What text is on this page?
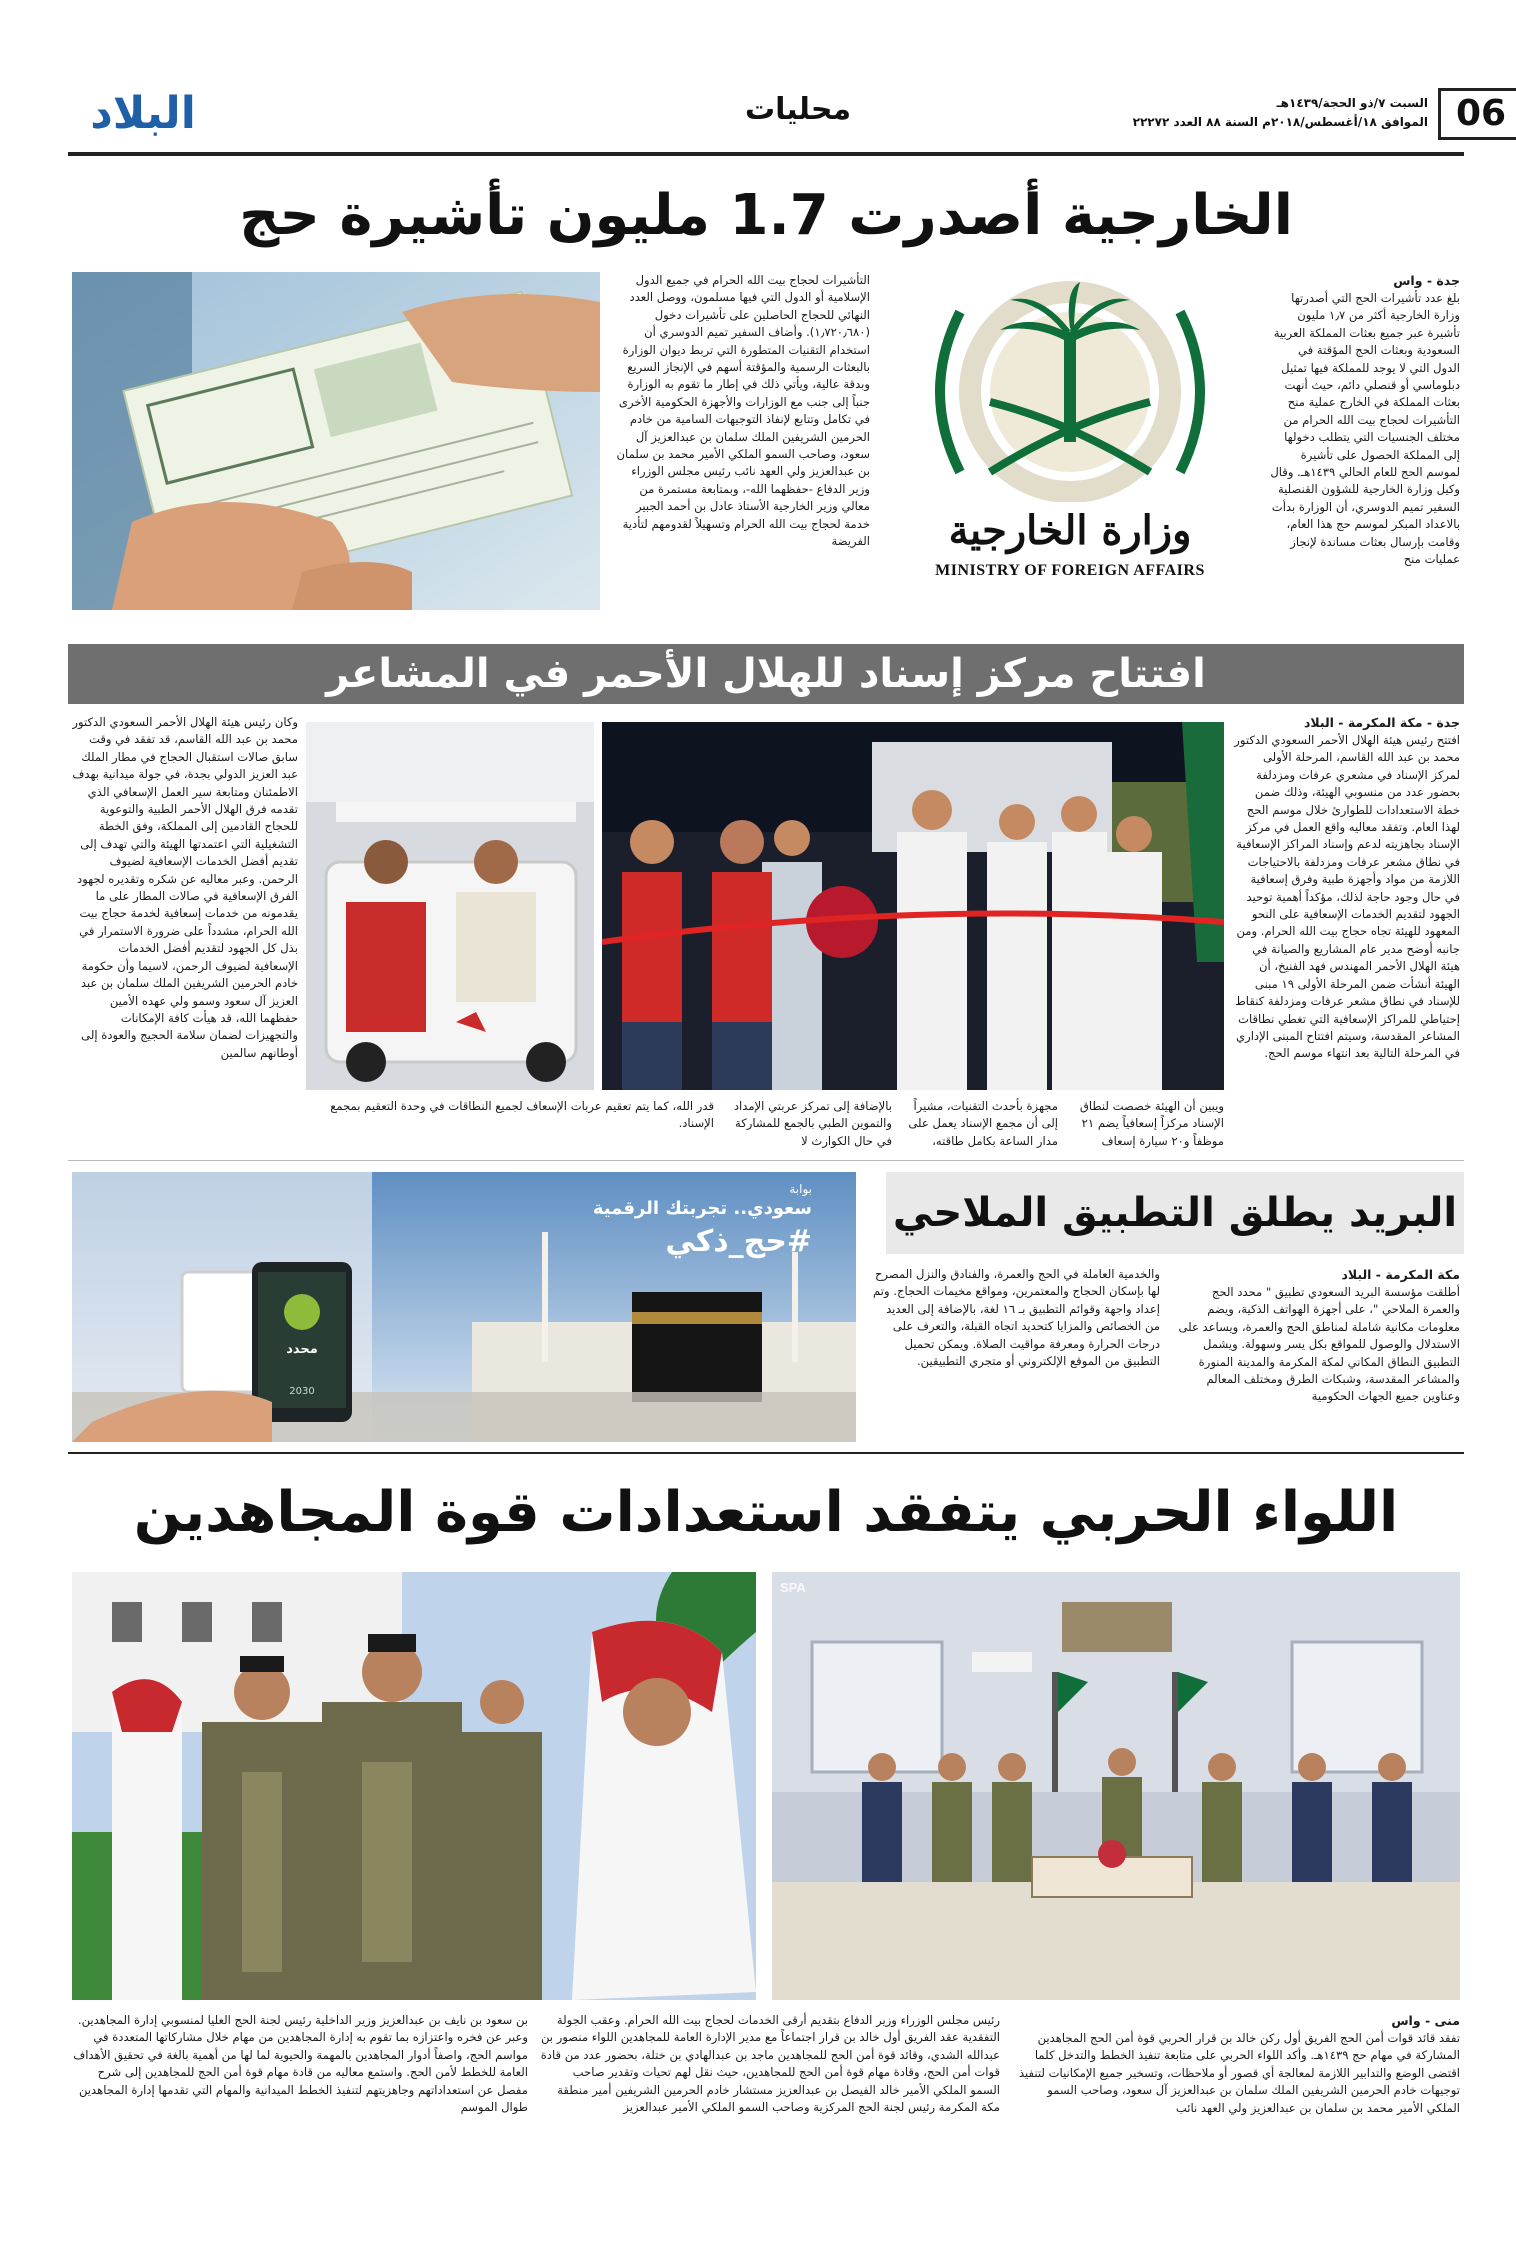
البلاد	محليات	السبت ٧/ذو الحجة/١٤٣٩هـ
الموافق ١٨/أغسطس/٢٠١٨م السنة ٨٨ العدد ٢٢٢٧٢ 06
الخارجية أصدرت 1.7 مليون تأشيرة حج
وزارة الخارجية
MINISTRY OF FOREIGN AFFAIRS
جدة - واس
بلغ عدد تأشيرات الحج التي أصدرتها وزارة الخارجية أكثر من ١٫٧ مليون تأشيرة عبر جميع بعثات المملكة العربية السعودية وبعثات الحج المؤقتة في الدول التي لا يوجد للمملكة فيها تمثيل دبلوماسي أو قنصلي دائم، حيث أنهت بعثات المملكة في الخارج عملية منح التأشيرات لحجاج بيت الله الحرام من مختلف الجنسيات التي يتطلب دخولها إلى المملكة الحصول على تأشيرة لموسم الحج للعام الحالي ١٤٣٩هـ. وقال وكيل وزارة الخارجية للشؤون القنصلية السفير تميم الدوسري، أن الوزارة بدأت بالاعداد المبكر لموسم حج هذا العام، وقامت بإرسال بعثات مساندة لإنجاز عمليات منح
التأشيرات لحجاج بيت الله الحرام في جميع الدول الإسلامية أو الدول التي فيها مسلمون، ووصل العدد النهائي للحجاج الحاصلين على تأشيرات دخول (١٫٧٢٠٫٦٨٠). وأضاف السفير تميم الدوسري أن استخدام التقنيات المتطورة التي تربط ديوان الوزارة بالبعثات الرسمية والمؤقتة أسهم في الإنجاز السريع وبدقة عالية، ويأتي ذلك في إطار ما تقوم به الوزارة جنباً إلى جنب مع الوزارات والأجهزة الحكومية الأخرى في تكامل وتتابع لإنفاذ التوجيهات السامية من خادم الحرمين الشريفين الملك سلمان بن عبدالعزيز آل سعود، وصاحب السمو الملكي الأمير محمد بن سلمان بن عبدالعزيز ولي العهد نائب رئيس مجلس الوزراء وزير الدفاع -حفظهما الله-، وبمتابعة مستمرة من معالي وزير الخارجية الأستاذ عادل بن أحمد الجبير خدمة لحجاج بيت الله الحرام وتسهيلاً لقدومهم لتأدية الفريضة
افتتاح مركز إسناد للهلال الأحمر في المشاعر
جدة - مكة المكرمة - البلاد
افتتح رئيس هيئة الهلال الأحمر السعودي الدكتور محمد بن عبد الله القاسم، المرحلة الأولى لمركز الإسناد في مشعري عرفات ومزدلفة بحضور عدد من منسوبي الهيئة، وذلك ضمن خطة الاستعدادات للطوارئ خلال موسم الحج لهذا العام. وتفقد معاليه واقع العمل في مركز الإسناد بجاهزيته لدعم وإسناد المراكز الإسعافية في نطاق مشعر عرفات ومزدلفة بالاحتياجات اللازمة من مواد وأجهزة طبية وفرق إسعافية في حال وجود حاجة لذلك، مؤكداً أهمية توحيد الجهود لتقديم الخدمات الإسعافية على النحو المعهود للهيئة تجاه حجاج بيت الله الحرام. ومن جانبه أوضح مدير عام المشاريع والصيانة في هيئة الهلال الأحمر المهندس فهد الفنيخ، أن الهيئة أنشأت ضمن المرحلة الأولى ١٩ مبنى للإسناد في نطاق مشعر عرفات ومزدلفة كنقاط إحتياطي للمراكز الإسعافية التي تغطي نطاقات المشاعر المقدسة، وسيتم افتتاح المبنى الإداري في المرحلة التالية بعد انتهاء موسم الحج.
وكان رئيس هيئة الهلال الأحمر السعودي الدكتور محمد بن عبد الله القاسم، قد تفقد في وقت سابق صالات استقبال الحجاج في مطار الملك عبد العزيز الدولي بجدة، في جولة ميدانية بهدف الاطمئنان ومتابعة سير العمل الإسعافي الذي تقدمه فرق الهلال الأحمر الطبية والتوعوية للحجاج القادمين إلى المملكة، وفق الخطة التشغيلية التي اعتمدتها الهيئة والتي تهدف إلى تقديم أفضل الخدمات الإسعافية لضيوف الرحمن. وعبر معاليه عن شكره وتقديره لجهود الفرق الإسعافية في صالات المطار على ما يقدمونه من خدمات إسعافية لخدمة حجاج بيت الله الحرام، مشدداً على ضرورة الاستمرار في بذل كل الجهود لتقديم أفضل الخدمات الإسعافية لضيوف الرحمن، لاسيما وأن حكومة خادم الحرمين الشريفين الملك سلمان بن عبد العزيز آل سعود وسمو ولي عهده الأمين حفظهما الله، قد هيأت كافة الإمكانات والتجهيزات لضمان سلامة الحجيج والعودة إلى أوطانهم سالمين
ويبين أن الهيئة خصصت لنطاق الإسناد مركزاً إسعافياً يضم ٢١ موظفاً و٢٠ سيارة إسعاف
مجهزة بأحدث التقنيات، مشيراً إلى أن مجمع الإسناد يعمل على مدار الساعة بكامل طاقته،
بالإضافة إلى تمركز عربتي الإمداد والتموين الطبي بالجمع للمشاركة في حال الكوارث لا
قدر الله، كما يتم تعقيم عربات الإسعاف لجميع النطاقات في وحدة التعقيم بمجمع الإسناد.
البريد يطلق التطبيق الملاحي
بوابة
سعودي.. تجربتك الرقمية
#حج_ذكي
محدد
2030
مكة المكرمة - البلاد
أطلقت مؤسسة البريد السعودي تطبيق " محدد الحج والعمرة الملاحي "، على أجهزة الهواتف الذكية، ويضم معلومات مكانية شاملة لمناطق الحج والعمرة، ويساعد على الاستدلال والوصول للمواقع بكل يسر وسهولة. ويشمل التطبيق النطاق المكاني لمكة المكرمة والمدينة المنورة والمشاعر المقدسة، وشبكات الطرق ومختلف المعالم وعناوين جميع الجهات الحكومية
والخدمية العاملة في الحج والعمرة، والفنادق والنزل المصرح لها بإسكان الحجاج والمعتمرين، ومواقع مخيمات الحجاج. وتم إعداد واجهة وقوائم التطبيق بـ ١٦ لغة، بالإضافة إلى العديد من الخصائص والمزايا كتحديد اتجاه القبلة، والتعرف على درجات الحرارة ومعرفة مواقيت الصلاة. ويمكن تحميل التطبيق من الموقع الإلكتروني أو متجري التطبيقين.
اللواء الحربي يتفقد استعدادات قوة المجاهدين
SPA
منى - واس
تفقد قائد قوات أمن الحج الفريق أول ركن خالد بن قرار الحربي قوة أمن الحج المجاهدين المشاركة في مهام حج ١٤٣٩هـ. وأكد اللواء الحربي على متابعة تنفيذ الخطط والتدخل كلما اقتضى الوضع والتدابير اللازمة لمعالجة أي قصور أو ملاحظات، وتسخير جميع الإمكانيات لتنفيذ توجيهات خادم الحرمين الشريفين الملك سلمان بن عبدالعزيز آل سعود، وصاحب السمو الملكي الأمير محمد بن سلمان بن عبدالعزيز ولي العهد نائب
رئيس مجلس الوزراء وزير الدفاع بتقديم أرقى الخدمات لحجاج بيت الله الحرام. وعقب الجولة التفقدية عقد الفريق أول خالد بن قرار اجتماعاً مع مدير الإدارة العامة للمجاهدين اللواء منصور بن عبدالله الشدي، وقائد قوة أمن الحج للمجاهدين ماجد بن عبدالهادي بن ختلة، بحضور عدد من قادة قوات أمن الحج، وقادة مهام قوة أمن الحج للمجاهدين، حيث نقل لهم تحيات وتقدير صاحب السمو الملكي الأمير خالد الفيصل بن عبدالعزيز مستشار خادم الحرمين الشريفين أمير منطقة مكة المكرمة رئيس لجنة الحج المركزية وصاحب السمو الملكي الأمير عبدالعزيز
بن سعود بن نايف بن عبدالعزيز وزير الداخلية رئيس لجنة الحج العليا لمنسوبي إدارة المجاهدين. وعبر عن فخره واعتزازه بما تقوم به إدارة المجاهدين من مهام خلال مشاركاتها المتعددة في مواسم الحج، واصفاً أدوار المجاهدين بالمهمة والحيوية لما لها من أهمية بالغة في تحقيق الأهداف العامة للخطط لأمن الحج. واستمع معاليه من قادة مهام قوة أمن الحج للمجاهدين إلى شرح مفصل عن استعداداتهم وجاهزيتهم لتنفيذ الخطط الميدانية والمهام التي تقدمها إدارة المجاهدين طوال الموسم
